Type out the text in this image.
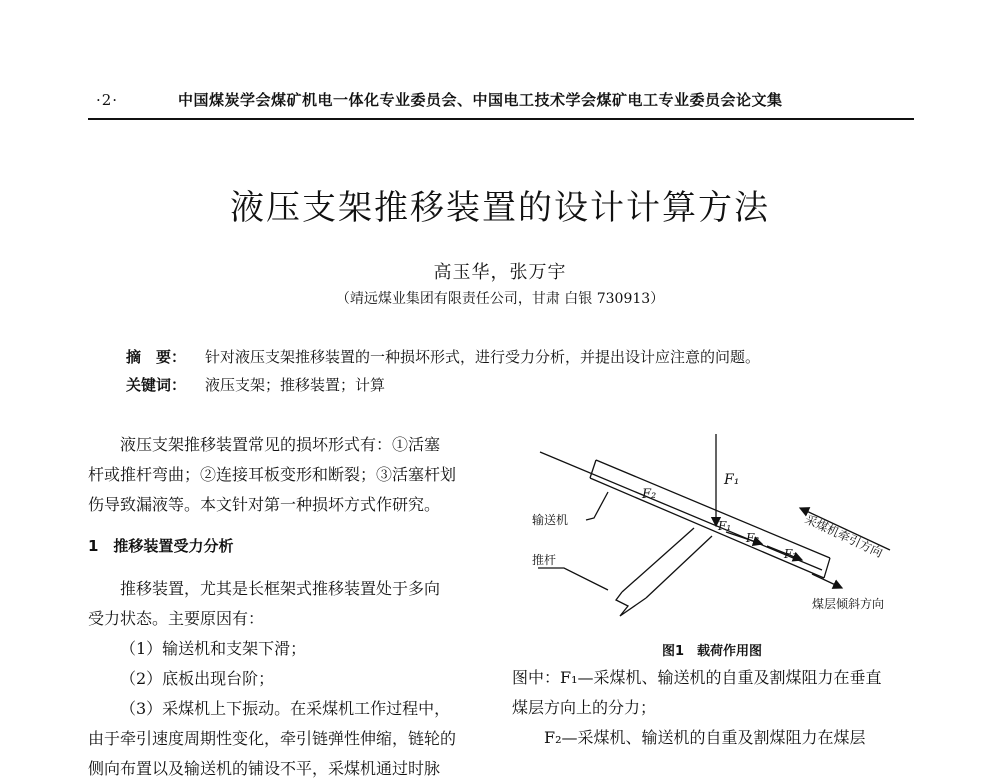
·2·	中国煤炭学会煤矿机电一体化专业委员会、中国电工技术学会煤矿电工专业委员会论文集
液压支架推移装置的设计计算方法
高玉华，张万宇
（靖远煤业集团有限责任公司，甘肃 白银 730913）
摘　要： 针对液压支架推移装置的一种损坏形式，进行受力分析，并提出设计应注意的问题。
关键词： 液压支架；推移装置；计算

液压支架推移装置常见的损坏形式有：①活塞

杆或推杆弯曲；②连接耳板变形和断裂；③活塞杆划

伤导致漏液等。本文针对第一种损坏方式作研究。

1　推移装置受力分析

推移装置，尤其是长框架式推移装置处于多向

受力状态。主要原因有：

（1）输送机和支架下滑；

（2）底板出现台阶；

（3）采煤机上下振动。在采煤机工作过程中，

由于牵引速度周期性变化，牵引链弹性伸缩，链轮的

侧向布置以及输送机的铺设不平，采煤机通过时脉

F₁
F₂
F₁
F₂
F₂
输送机
推杆	采煤机牵引方向
煤层倾斜方向
图1　载荷作用图

图中：F₁—采煤机、输送机的自重及割煤阻力在垂直

煤层方向上的分力；

F₂—采煤机、输送机的自重及割煤阻力在煤层
